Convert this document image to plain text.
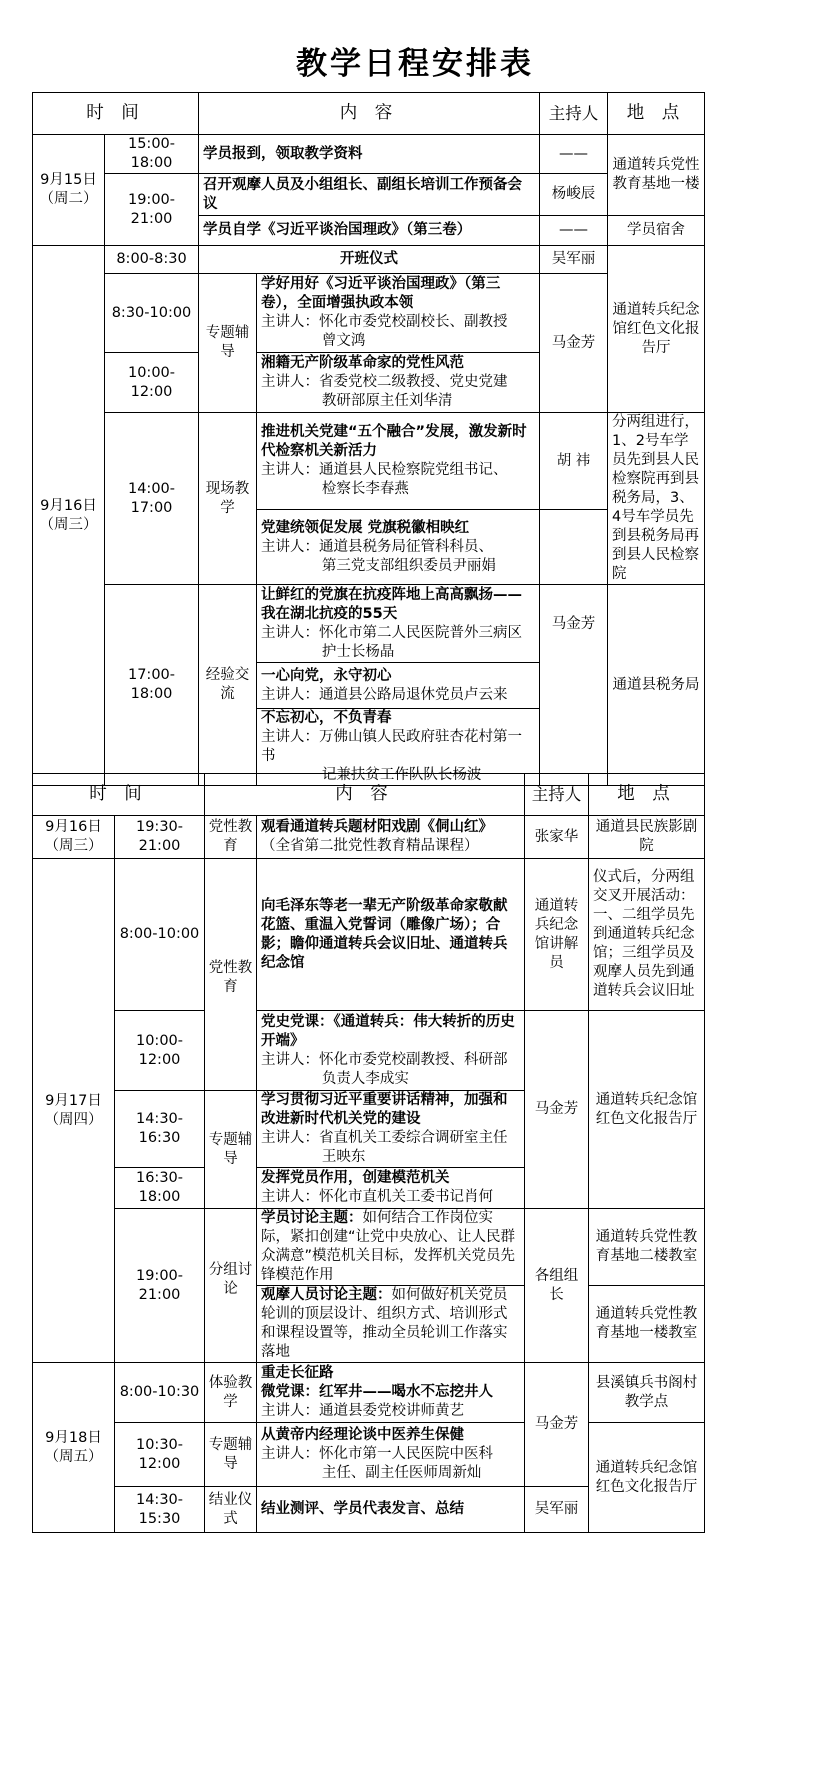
教学日程安排表
时 间		内 容		主持人	地 点

9月15日
（周二）	15:00-18:00	学员报到，领取教学资料		——	通道转兵党性教育基地一楼
	19:00-21:00	召开观摩人员及小组组长、副组长培训工作预备会议		杨峻辰	
		学员自学《习近平谈治国理政》（第三卷）		——	学员宿舍

9月16日
（周三）	8:00-8:30	开班仪式		吴军丽	通道转兵纪念馆红色文化报告厅
	8:30-10:00	专题辅导	学好用好《习近平谈治国理政》（第三卷），全面增强执政本领
主讲人：怀化市委党校副校长、副教授
曾文鸿	马金芳	
	10:00-12:00		湘籍无产阶级革命家的党性风范
主讲人：省委党校二级教授、党史党建
教研部原主任刘华清		

	14:00-17:00	现场教学	推进机关党建“五个融合”发展，激发新时代检察机关新活力
主讲人：通道县人民检察院党组书记、
检察长李春燕	胡 祎	分两组进行，1、2号车学员先到县人民检察院再到县税务局，3、4号车学员先到县税务局再到县人民检察院

			党建统领促发展 党旗税徽相映红
主讲人：通道县税务局征管科科员、
第三党支部组织委员尹丽娟		

	17:00-18:00	经验交流	让鲜红的党旗在抗疫阵地上高高飘扬——我在湖北抗疫的55天
主讲人：怀化市第二人民医院普外三病区
护士长杨晶	马金芳	通道县税务局

			一心向党，永守初心
主讲人：通道县公路局退休党员卢云来		

			不忘初心，不负青春
主讲人：万佛山镇人民政府驻杏花村第一书
记兼扶贫工作队队长杨波		
时 间		内 容		主持人	地 点

9月16日
（周三）	19:30-21:00	党性教育	观看通道转兵题材阳戏剧《侗山红》
（全省第二批党性教育精品课程）	张家华	通道县民族影剧院

9月17日
（周四）	8:00-10:00	党性教育	向毛泽东等老一辈无产阶级革命家敬献花篮、重温入党誓词（雕像广场）；合影；瞻仰通道转兵会议旧址、通道转兵纪念馆	通道转兵纪念馆讲解员	仪式后，分两组交叉开展活动：一、二组学员先到通道转兵纪念馆；三组学员及观摩人员先到通道转兵会议旧址
	10:00-12:00		党史党课：《通道转兵：伟大转折的历史开端》
主讲人：怀化市委党校副教授、科研部
负责人李成实	马金芳	通道转兵纪念馆红色文化报告厅
	14:30-16:30	专题辅导	学习贯彻习近平重要讲话精神，加强和改进新时代机关党的建设
主讲人：省直机关工委综合调研室主任
王映东		

	16:30-18:00		发挥党员作用，创建模范机关
主讲人：怀化市直机关工委书记肖何		

	19:00-21:00	分组讨论	学员讨论主题：如何结合工作岗位实际，紧扣创建“让党中央放心、让人民群众满意”模范机关目标，发挥机关党员先锋模范作用	各组组长	通道转兵党性教育基地二楼教室
			观摩人员讨论主题：如何做好机关党员轮训的顶层设计、组织方式、培训形式和课程设置等，推动全员轮训工作落实落地		通道转兵党性教育基地一楼教室

9月18日
（周五）	8:00-10:30	体验教学	重走长征路
微党课：红军井——喝水不忘挖井人
主讲人：通道县委党校讲师黄艺	马金芳	县溪镇兵书阁村教学点
	10:30-12:00	专题辅导	从黄帝内经理论谈中医养生保健
主讲人：怀化市第一人民医院中医科
主任、副主任医师周新灿		通道转兵纪念馆红色文化报告厅
	14:30-15:30	结业仪式	结业测评、学员代表发言、总结	吴军丽	
